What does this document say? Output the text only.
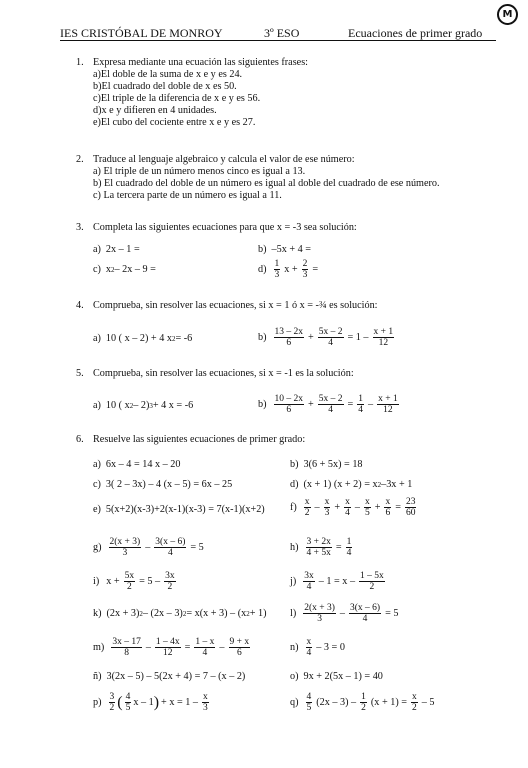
IES CRISTÓBAL DE MONROY	3º ESO	Ecuaciones de primer grado
M
1. Expresa mediante una ecuación las siguientes frases:
a)El doble de la suma de x e y es 24.
b)El cuadrado del doble de x es 50.
c)El triple de la diferencia de x e y es 56.
d)x e y difieren en 4 unidades.
e)El cubo del cociente entre x e y es 27.
2. Traduce al lenguaje algebraico y calcula el valor de ese número:
a) El triple de un número menos cinco es igual a 13.
b) El cuadrado del doble de un número es igual al doble del cuadrado de ese número.
c) La tercera parte de un número es igual a 11.
3. Completa las siguientes ecuaciones para que x = -3 sea solución:
a) 2x – 1 =	b) –5x + 4 =
c) x 2 – 2x – 9 =	$d) \frac{1}{3}$ $x + \frac{2}{3}$ =
4. Comprueba, sin resolver las ecuaciones, si x = 1 ó x = -¾ es solución:
a) 10 ( x – 2) + 4 x 2 = -6	$b) \frac{13 - 2x}{6} + \frac{5x - 2}{4} = 1 - \frac{x + 1}{12}$
5. Comprueba, sin resolver las ecuaciones, si x = -1 es la solución:
a) 10 ( x 2 – 2) 3 + 4 x = -6	$b) \frac{10 - 2x}{6} + \frac{5x - 2}{4} = \frac{1}{4} - \frac{x + 1}{12}$
6. Resuelve las siguientes ecuaciones de primer grado:
a) 6x – 4 = 14 x – 20	b) 3(6 + 5x) = 18
c) 3( 2 – 3x) – 4 (x – 5) = 6x – 25	d) (x + 1) (x + 2) = x 2 –3x + 1
e) 5(x+2)(x-3)+2(x-1)(x-3) = 7(x-1)(x+2) $f) \frac{x}{2} - \frac{x}{3} + \frac{x}{4} - \frac{x}{5} + \frac{x}{6} = \frac{23}{60}$
$g) \frac{2(x + 3)}{3} - \frac{3(x - 6)}{4} = 5$	$h) \frac{3 + 2x}{4 + 5x} = \frac{1}{4}$
i) $x + \frac{5x}{2} = 5 - \frac{3x}{2}$	$j) \frac{3x}{4} - 1 = x - \frac{1 - 5x}{2}$
k) (2x + 3) 2 – (2x – 3) 2 = x(x + 3) – (x 2 + 1) $l) \frac{2(x + 3)}{3} - \frac{3(x - 6)}{4} = 5$
$m) \frac{3x - 17}{8} - \frac{1 - 4x}{12} = \frac{1 - x}{4} - \frac{9 + x}{6}$	$n) \frac{x}{4} - 3 = 0$
ñ) 3(2x – 5) – 5(2x + 4) = 7 – (x – 2)	o) 9x + 2(5x – 1) = 40
$p) \frac{3}{2}$ ( $\frac{4}{5}$ x – 1 ) + $x = 1 - \frac{x}{3}$	$q) \frac{4}{5} (2x - 3) - \frac{1}{2} (x + 1) = \frac{x}{2} - 5$
